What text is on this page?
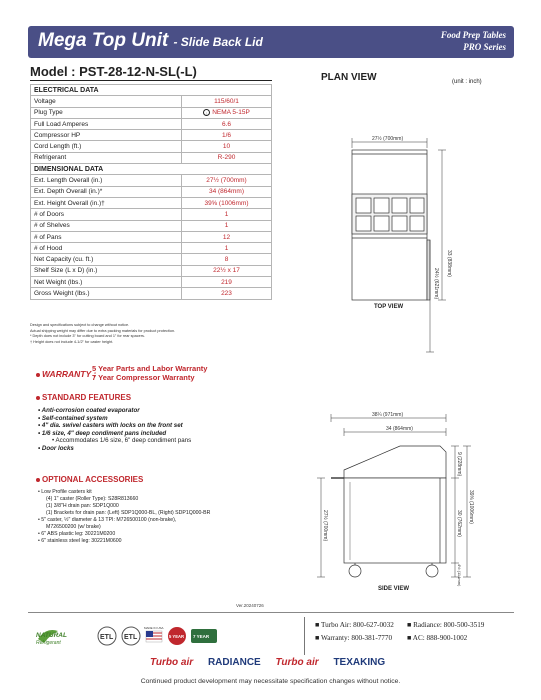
Mega Top Unit - Slide Back Lid	Food Prep Tables
PRO Series
Model : PST-28-12-N-SL(-L)
ELECTRICAL DATA	
Voltage	115/60/1
Plug Type	⋮ NEMA 5-15P
Full Load Amperes	6.6
Compressor HP	1/6
Cord Length (ft.)	10
Refrigerant	R-290
DIMENSIONAL DATA	
Ext. Length Overall (in.)	27½ (700mm)
Ext. Depth Overall (in.)*	34 (864mm)
Ext. Height Overall (in.)†	39⅝ (1006mm)
# of Doors	1
# of Shelves	1
# of Pans	12
# of Hood	1
Net Capacity (cu. ft.)	8
Shelf Size (L x D) (in.)	22½ x 17
Net Weight (lbs.)	219
Gross Weight (lbs.)	223
Design and specifications subject to change without notice.
Actual shipping weight may differ due to extra packing materials for product protection.
* Depth does not include 3" for cutting board and 1" for rear spacers.
† Height does not include 4-1/2" for caster height.
WARRANTY :
5 Year Parts and Labor Warranty
7 Year Compressor Warranty
STANDARD FEATURES
• Anti-corrosion coated evaporator
• Self-contained system
• 4" dia. swivel casters with locks on the front set
• 1/6 size, 4" deep condiment pans included
• Accommodates 1/6 size, 6" deep condiment pans
• Door locks
OPTIONAL ACCESSORIES
• Low Profile casters kit
(4) 1" caster (Roller Type): S28R813660
(1) 3/8"H drain pan: SDP1Q000
(1) Brackets for drain pan: (Left) SDP1Q000-BL, (Right) SDP1Q000-BR
• 5" caster, ½" diameter & 13 TPI: M726500100 (non-brake),
M726500200 (w/ brake)
• 6" ABS plastic leg: 30221M0200
• 6" stainless steel leg: 30221M0600
Ver.20240726
PLAN VIEW	(unit : inch)
27½ (700mm)
33 (838mm)
24½ (621mm)
38¼ (971mm)
34 (864mm)
9 (228mm)
30 (762mm) 39⅝ (1006mm)
4½ (114mm)
27½ (700mm)
TOP VIEW
SIDE VIEW
NATURAL
Refrigerant
ETL ETL
MADE IN USA
5 YEAR 7 YEAR
■ Turbo Air: 800-627-0032 ■ Radiance: 800-500-3519
■ Warranty: 800-381-7770 ■ AC: 888-900-1002
Turbo air RADIANCE Turbo air TEXAKING
Continued product development may necessitate specification changes without notice.
